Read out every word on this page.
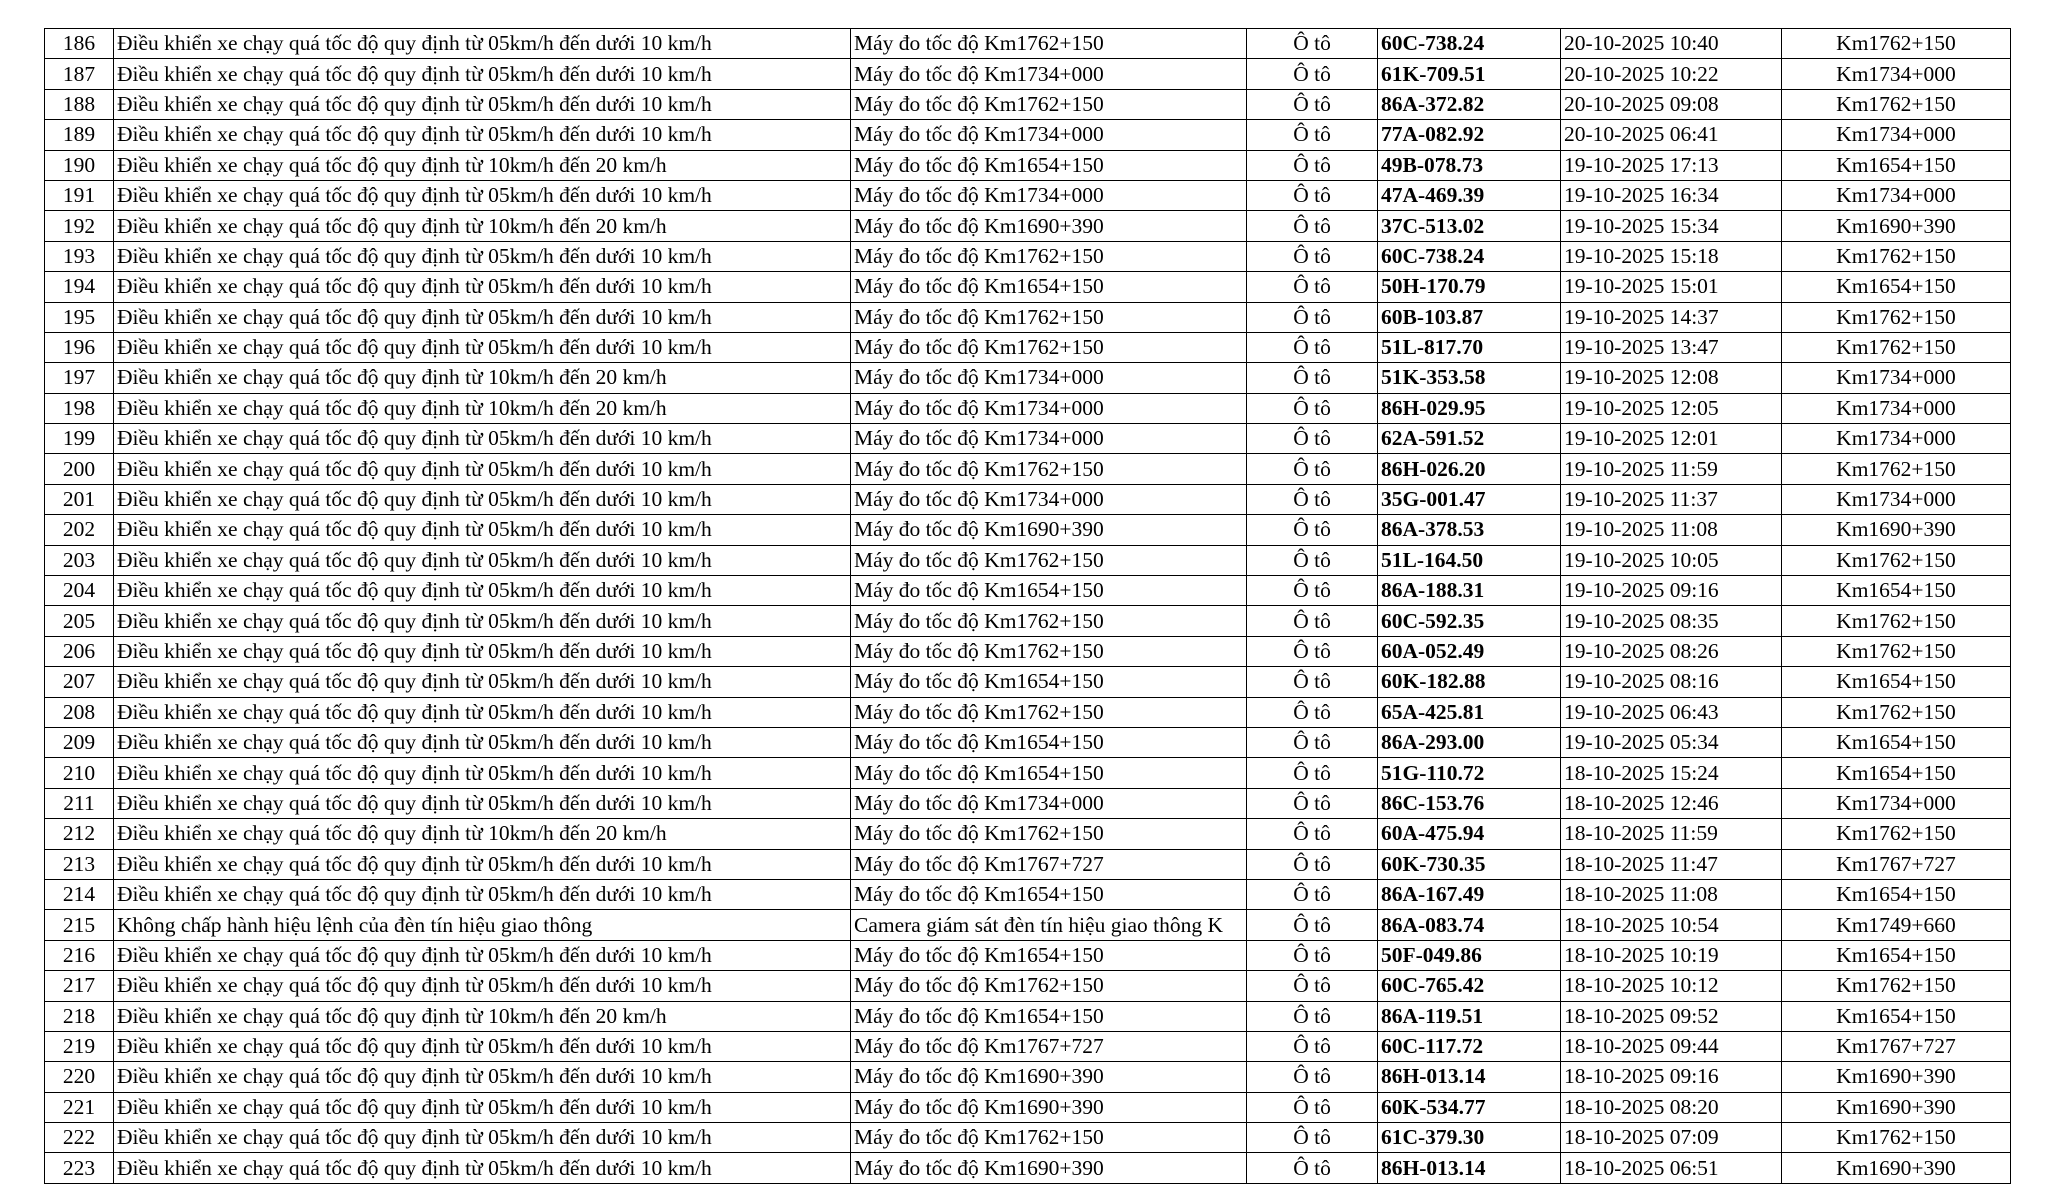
186	Điều khiển xe chạy quá tốc độ quy định từ 05km/h đến dưới 10 km/h	Máy đo tốc độ Km1762+150	Ô tô	60C-738.24	20-10-2025 10:40	Km1762+150
187	Điều khiển xe chạy quá tốc độ quy định từ 05km/h đến dưới 10 km/h	Máy đo tốc độ Km1734+000	Ô tô	61K-709.51	20-10-2025 10:22	Km1734+000
188	Điều khiển xe chạy quá tốc độ quy định từ 05km/h đến dưới 10 km/h	Máy đo tốc độ Km1762+150	Ô tô	86A-372.82	20-10-2025 09:08	Km1762+150
189	Điều khiển xe chạy quá tốc độ quy định từ 05km/h đến dưới 10 km/h	Máy đo tốc độ Km1734+000	Ô tô	77A-082.92	20-10-2025 06:41	Km1734+000
190	Điều khiển xe chạy quá tốc độ quy định từ 10km/h đến 20 km/h	Máy đo tốc độ Km1654+150	Ô tô	49B-078.73	19-10-2025 17:13	Km1654+150
191	Điều khiển xe chạy quá tốc độ quy định từ 05km/h đến dưới 10 km/h	Máy đo tốc độ Km1734+000	Ô tô	47A-469.39	19-10-2025 16:34	Km1734+000
192	Điều khiển xe chạy quá tốc độ quy định từ 10km/h đến 20 km/h	Máy đo tốc độ Km1690+390	Ô tô	37C-513.02	19-10-2025 15:34	Km1690+390
193	Điều khiển xe chạy quá tốc độ quy định từ 05km/h đến dưới 10 km/h	Máy đo tốc độ Km1762+150	Ô tô	60C-738.24	19-10-2025 15:18	Km1762+150
194	Điều khiển xe chạy quá tốc độ quy định từ 05km/h đến dưới 10 km/h	Máy đo tốc độ Km1654+150	Ô tô	50H-170.79	19-10-2025 15:01	Km1654+150
195	Điều khiển xe chạy quá tốc độ quy định từ 05km/h đến dưới 10 km/h	Máy đo tốc độ Km1762+150	Ô tô	60B-103.87	19-10-2025 14:37	Km1762+150
196	Điều khiển xe chạy quá tốc độ quy định từ 05km/h đến dưới 10 km/h	Máy đo tốc độ Km1762+150	Ô tô	51L-817.70	19-10-2025 13:47	Km1762+150
197	Điều khiển xe chạy quá tốc độ quy định từ 10km/h đến 20 km/h	Máy đo tốc độ Km1734+000	Ô tô	51K-353.58	19-10-2025 12:08	Km1734+000
198	Điều khiển xe chạy quá tốc độ quy định từ 10km/h đến 20 km/h	Máy đo tốc độ Km1734+000	Ô tô	86H-029.95	19-10-2025 12:05	Km1734+000
199	Điều khiển xe chạy quá tốc độ quy định từ 05km/h đến dưới 10 km/h	Máy đo tốc độ Km1734+000	Ô tô	62A-591.52	19-10-2025 12:01	Km1734+000
200	Điều khiển xe chạy quá tốc độ quy định từ 05km/h đến dưới 10 km/h	Máy đo tốc độ Km1762+150	Ô tô	86H-026.20	19-10-2025 11:59	Km1762+150
201	Điều khiển xe chạy quá tốc độ quy định từ 05km/h đến dưới 10 km/h	Máy đo tốc độ Km1734+000	Ô tô	35G-001.47	19-10-2025 11:37	Km1734+000
202	Điều khiển xe chạy quá tốc độ quy định từ 05km/h đến dưới 10 km/h	Máy đo tốc độ Km1690+390	Ô tô	86A-378.53	19-10-2025 11:08	Km1690+390
203	Điều khiển xe chạy quá tốc độ quy định từ 05km/h đến dưới 10 km/h	Máy đo tốc độ Km1762+150	Ô tô	51L-164.50	19-10-2025 10:05	Km1762+150
204	Điều khiển xe chạy quá tốc độ quy định từ 05km/h đến dưới 10 km/h	Máy đo tốc độ Km1654+150	Ô tô	86A-188.31	19-10-2025 09:16	Km1654+150
205	Điều khiển xe chạy quá tốc độ quy định từ 05km/h đến dưới 10 km/h	Máy đo tốc độ Km1762+150	Ô tô	60C-592.35	19-10-2025 08:35	Km1762+150
206	Điều khiển xe chạy quá tốc độ quy định từ 05km/h đến dưới 10 km/h	Máy đo tốc độ Km1762+150	Ô tô	60A-052.49	19-10-2025 08:26	Km1762+150
207	Điều khiển xe chạy quá tốc độ quy định từ 05km/h đến dưới 10 km/h	Máy đo tốc độ Km1654+150	Ô tô	60K-182.88	19-10-2025 08:16	Km1654+150
208	Điều khiển xe chạy quá tốc độ quy định từ 05km/h đến dưới 10 km/h	Máy đo tốc độ Km1762+150	Ô tô	65A-425.81	19-10-2025 06:43	Km1762+150
209	Điều khiển xe chạy quá tốc độ quy định từ 05km/h đến dưới 10 km/h	Máy đo tốc độ Km1654+150	Ô tô	86A-293.00	19-10-2025 05:34	Km1654+150
210	Điều khiển xe chạy quá tốc độ quy định từ 05km/h đến dưới 10 km/h	Máy đo tốc độ Km1654+150	Ô tô	51G-110.72	18-10-2025 15:24	Km1654+150
211	Điều khiển xe chạy quá tốc độ quy định từ 05km/h đến dưới 10 km/h	Máy đo tốc độ Km1734+000	Ô tô	86C-153.76	18-10-2025 12:46	Km1734+000
212	Điều khiển xe chạy quá tốc độ quy định từ 10km/h đến 20 km/h	Máy đo tốc độ Km1762+150	Ô tô	60A-475.94	18-10-2025 11:59	Km1762+150
213	Điều khiển xe chạy quá tốc độ quy định từ 05km/h đến dưới 10 km/h	Máy đo tốc độ Km1767+727	Ô tô	60K-730.35	18-10-2025 11:47	Km1767+727
214	Điều khiển xe chạy quá tốc độ quy định từ 05km/h đến dưới 10 km/h	Máy đo tốc độ Km1654+150	Ô tô	86A-167.49	18-10-2025 11:08	Km1654+150
215	Không chấp hành hiệu lệnh của đèn tín hiệu giao thông	Camera giám sát đèn tín hiệu giao thông K	Ô tô	86A-083.74	18-10-2025 10:54	Km1749+660
216	Điều khiển xe chạy quá tốc độ quy định từ 05km/h đến dưới 10 km/h	Máy đo tốc độ Km1654+150	Ô tô	50F-049.86	18-10-2025 10:19	Km1654+150
217	Điều khiển xe chạy quá tốc độ quy định từ 05km/h đến dưới 10 km/h	Máy đo tốc độ Km1762+150	Ô tô	60C-765.42	18-10-2025 10:12	Km1762+150
218	Điều khiển xe chạy quá tốc độ quy định từ 10km/h đến 20 km/h	Máy đo tốc độ Km1654+150	Ô tô	86A-119.51	18-10-2025 09:52	Km1654+150
219	Điều khiển xe chạy quá tốc độ quy định từ 05km/h đến dưới 10 km/h	Máy đo tốc độ Km1767+727	Ô tô	60C-117.72	18-10-2025 09:44	Km1767+727
220	Điều khiển xe chạy quá tốc độ quy định từ 05km/h đến dưới 10 km/h	Máy đo tốc độ Km1690+390	Ô tô	86H-013.14	18-10-2025 09:16	Km1690+390
221	Điều khiển xe chạy quá tốc độ quy định từ 05km/h đến dưới 10 km/h	Máy đo tốc độ Km1690+390	Ô tô	60K-534.77	18-10-2025 08:20	Km1690+390
222	Điều khiển xe chạy quá tốc độ quy định từ 05km/h đến dưới 10 km/h	Máy đo tốc độ Km1762+150	Ô tô	61C-379.30	18-10-2025 07:09	Km1762+150
223	Điều khiển xe chạy quá tốc độ quy định từ 05km/h đến dưới 10 km/h	Máy đo tốc độ Km1690+390	Ô tô	86H-013.14	18-10-2025 06:51	Km1690+390
